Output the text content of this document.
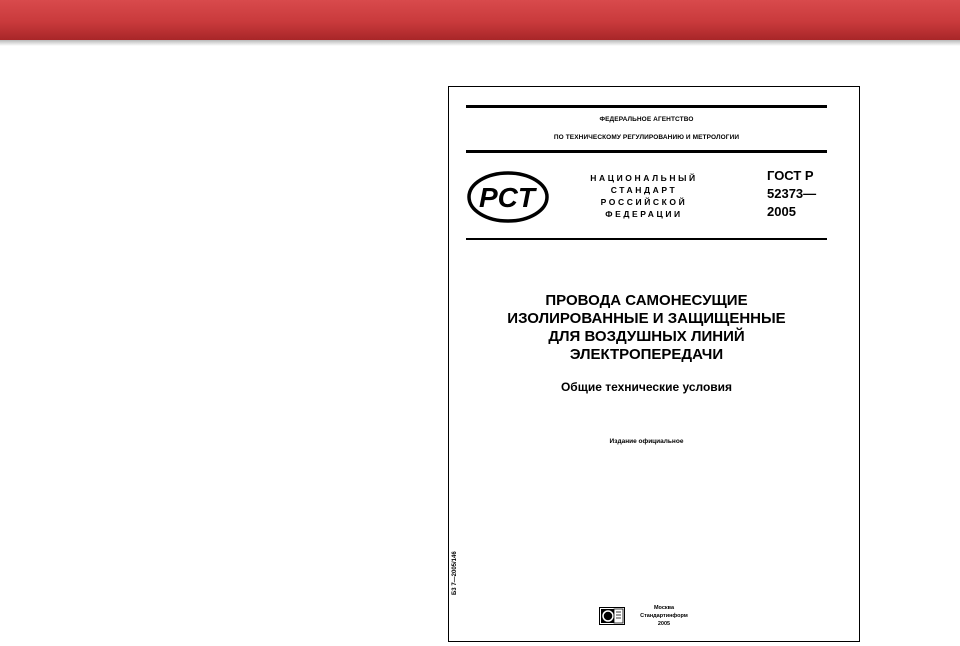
ФЕДЕРАЛЬНОЕ АГЕНТСТВО
ПО ТЕХНИЧЕСКОМУ РЕГУЛИРОВАНИЮ И МЕТРОЛОГИИ
PCT
НАЦИОНАЛЬНЫЙ
СТАНДАРТ
РОССИЙСКОЙ
ФЕДЕРАЦИИ
ГОСТ Р
52373—
2005
ПРОВОДА САМОНЕСУЩИЕ
ИЗОЛИРОВАННЫЕ И ЗАЩИЩЕННЫЕ
ДЛЯ ВОЗДУШНЫХ ЛИНИЙ
ЭЛЕКТРОПЕРЕДАЧИ
Общие технические условия
Издание официальное
Б3 7—2005/146
Москва
Стандартинформ
2005
